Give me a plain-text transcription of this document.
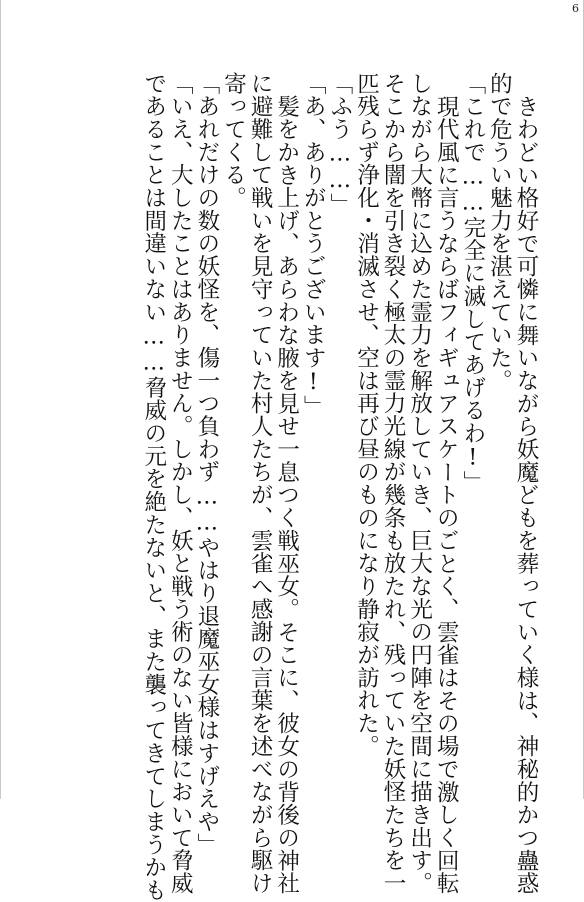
6
きわどい格好で可憐に舞いながら妖魔どもを葬っていく様は、神秘的かつ蠱惑
的で危うい魅力を湛えていた。
「これで……完全に滅してあげるわ!」
現代風に言うならばフィギュアスケートのごとく、雲雀はその場で激しく回転
しながら大幣に込めた霊力を解放していき、巨大な光の円陣を空間に描き出す。
そこから闇を引き裂く極太の霊力光線が幾条も放たれ、残っていた妖怪たちを一
匹残らず浄化・消滅させ、空は再び昼のものになり静寂が訪れた。
「ふう……」
「あ、ありがとうございます!」
髪をかき上げ、あらわな腋を見せ一息つく戦巫女。そこに、彼女の背後の神社
に避難して戦いを見守っていた村人たちが、雲雀へ感謝の言葉を述べながら駆け
寄ってくる。
「あれだけの数の妖怪を、傷一つ負わず……やはり退魔巫女様はすげえや」
「いえ、大したことはありません。しかし、妖と戦う術のない皆様において脅威
であることは間違いない……脅威の元を絶たないと、また襲ってきてしまうかも
